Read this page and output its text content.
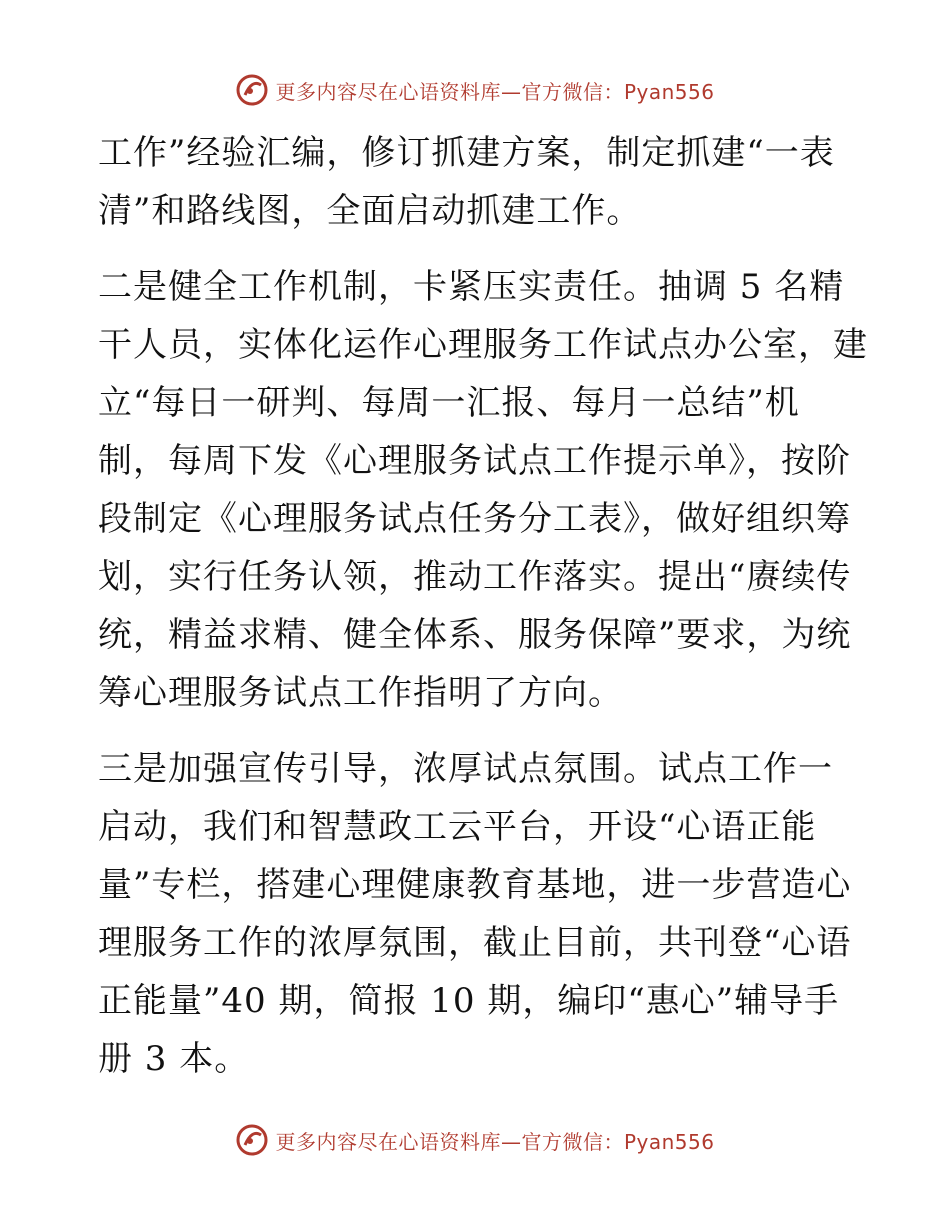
更多内容尽在心语资料库—官方微信：Pyan556
工作”经验汇编，修订抓建方案，制定抓建“一表
清”和路线图，全面启动抓建工作。
二是健全工作机制，卡紧压实责任。抽调 5 名精
干人员，实体化运作心理服务工作试点办公室，建
立“每日一研判、每周一汇报、每月一总结”机
制，每周下发《心理服务试点工作提示单》，按阶
段制定《心理服务试点任务分工表》，做好组织筹
划，实行任务认领，推动工作落实。提出“赓续传
统，精益求精、健全体系、服务保障”要求，为统
筹心理服务试点工作指明了方向。
三是加强宣传引导，浓厚试点氛围。试点工作一
启动，我们和智慧政工云平台，开设“心语正能
量”专栏，搭建心理健康教育基地，进一步营造心
理服务工作的浓厚氛围，截止目前，共刊登“心语
正能量”40 期，简报 10 期，编印“惠心”辅导手
册 3 本。
更多内容尽在心语资料库—官方微信：Pyan556
